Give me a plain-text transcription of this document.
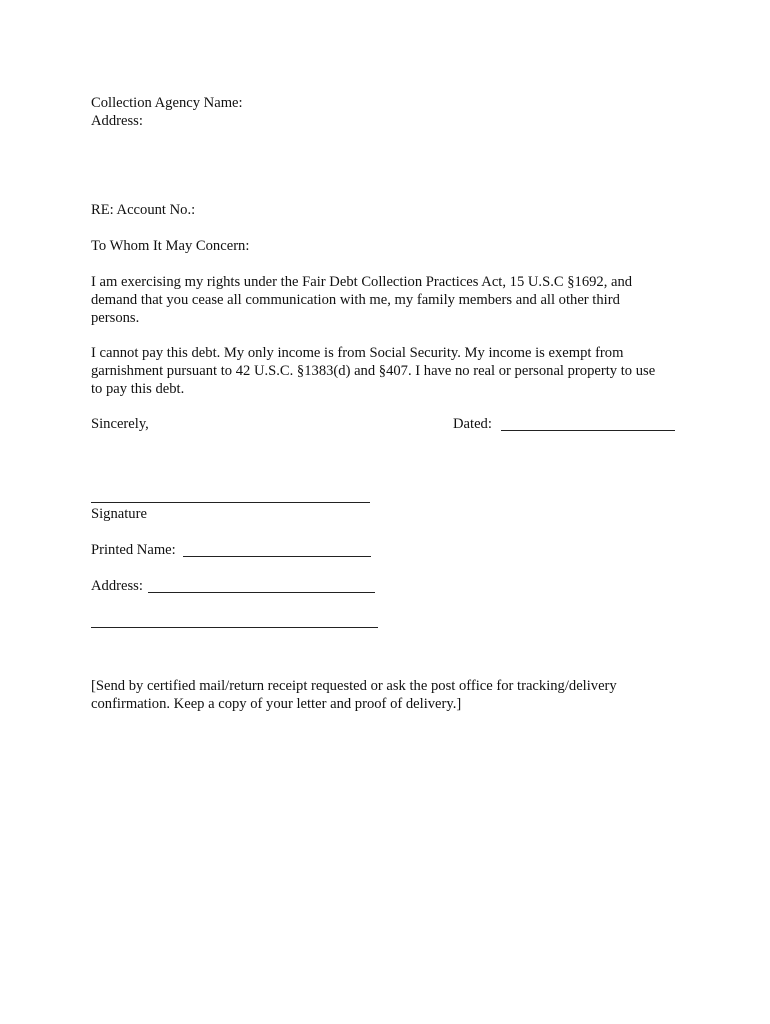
Collection Agency Name:
Address:
RE: Account No.:
To Whom It May Concern:
I am exercising my rights under the Fair Debt Collection Practices Act, 15 U.S.C §1692, and
demand that you cease all communication with me, my family members and all other third
persons.
I cannot pay this debt. My only income is from Social Security. My income is exempt from
garnishment pursuant to 42 U.S.C. §1383(d) and §407. I have no real or personal property to use
to pay this debt.
Sincerely,	Dated:
Signature
Printed Name:
Address:
[Send by certified mail/return receipt requested or ask the post office for tracking/delivery
confirmation. Keep a copy of your letter and proof of delivery.]
